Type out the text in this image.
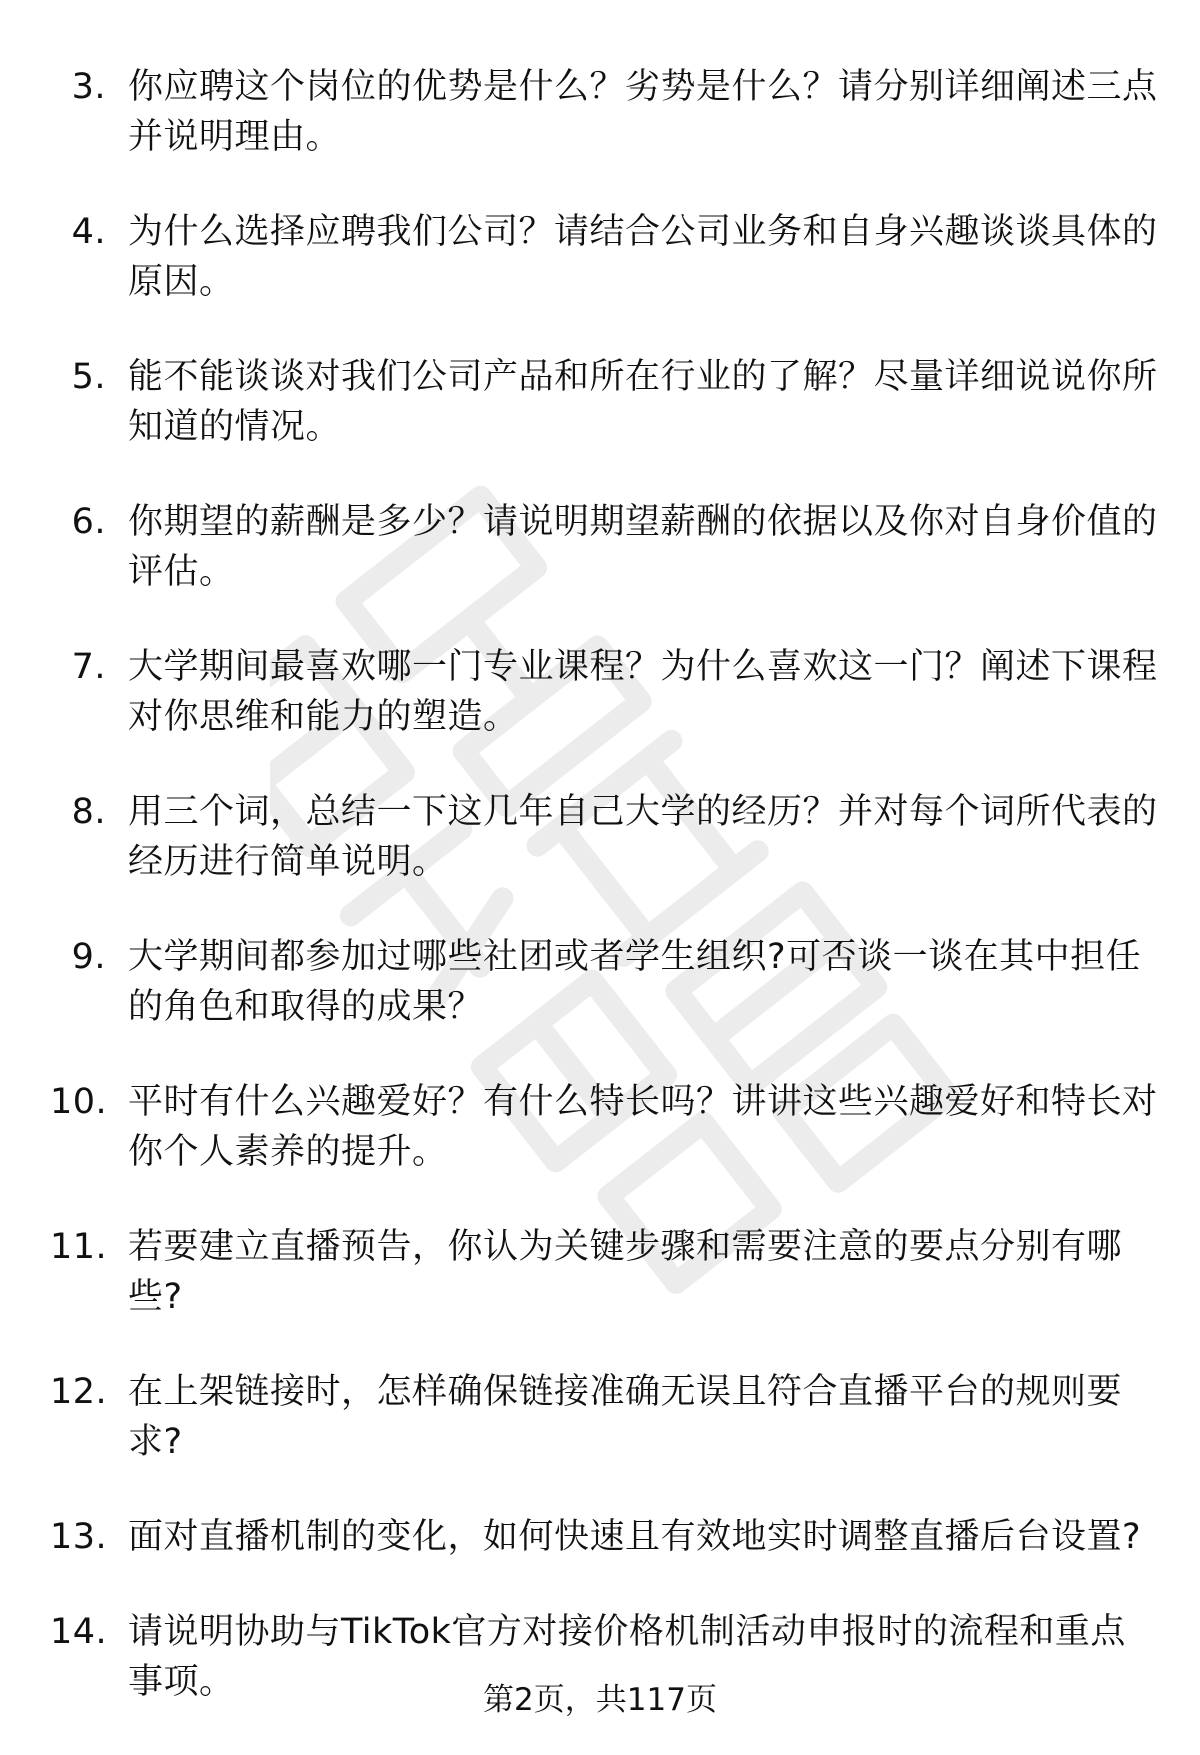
3. 你应聘这个岗位的优势是什么？劣势是什么？请分别详细阐述三点并说明理由。
4. 为什么选择应聘我们公司？请结合公司业务和自身兴趣谈谈具体的原因。
5. 能不能谈谈对我们公司产品和所在行业的了解？尽量详细说说你所知道的情况。
6. 你期望的薪酬是多少？请说明期望薪酬的依据以及你对自身价值的评估。
7. 大学期间最喜欢哪一门专业课程？为什么喜欢这一门？阐述下课程对你思维和能力的塑造。
8. 用三个词，总结一下这几年自己大学的经历？并对每个词所代表的经历进行简单说明。
9. 大学期间都参加过哪些社团或者学生组织?可否谈一谈在其中担任的角色和取得的成果？
10. 平时有什么兴趣爱好？有什么特长吗？讲讲这些兴趣爱好和特长对你个人素养的提升。
11. 若要建立直播预告，你认为关键步骤和需要注意的要点分别有哪些?
12. 在上架链接时，怎样确保链接准确无误且符合直播平台的规则要求?
13. 面对直播机制的变化，如何快速且有效地实时调整直播后台设置?
14. 请说明协助与TikTok官方对接价格机制活动申报时的流程和重点事项。	第2页，共117页
